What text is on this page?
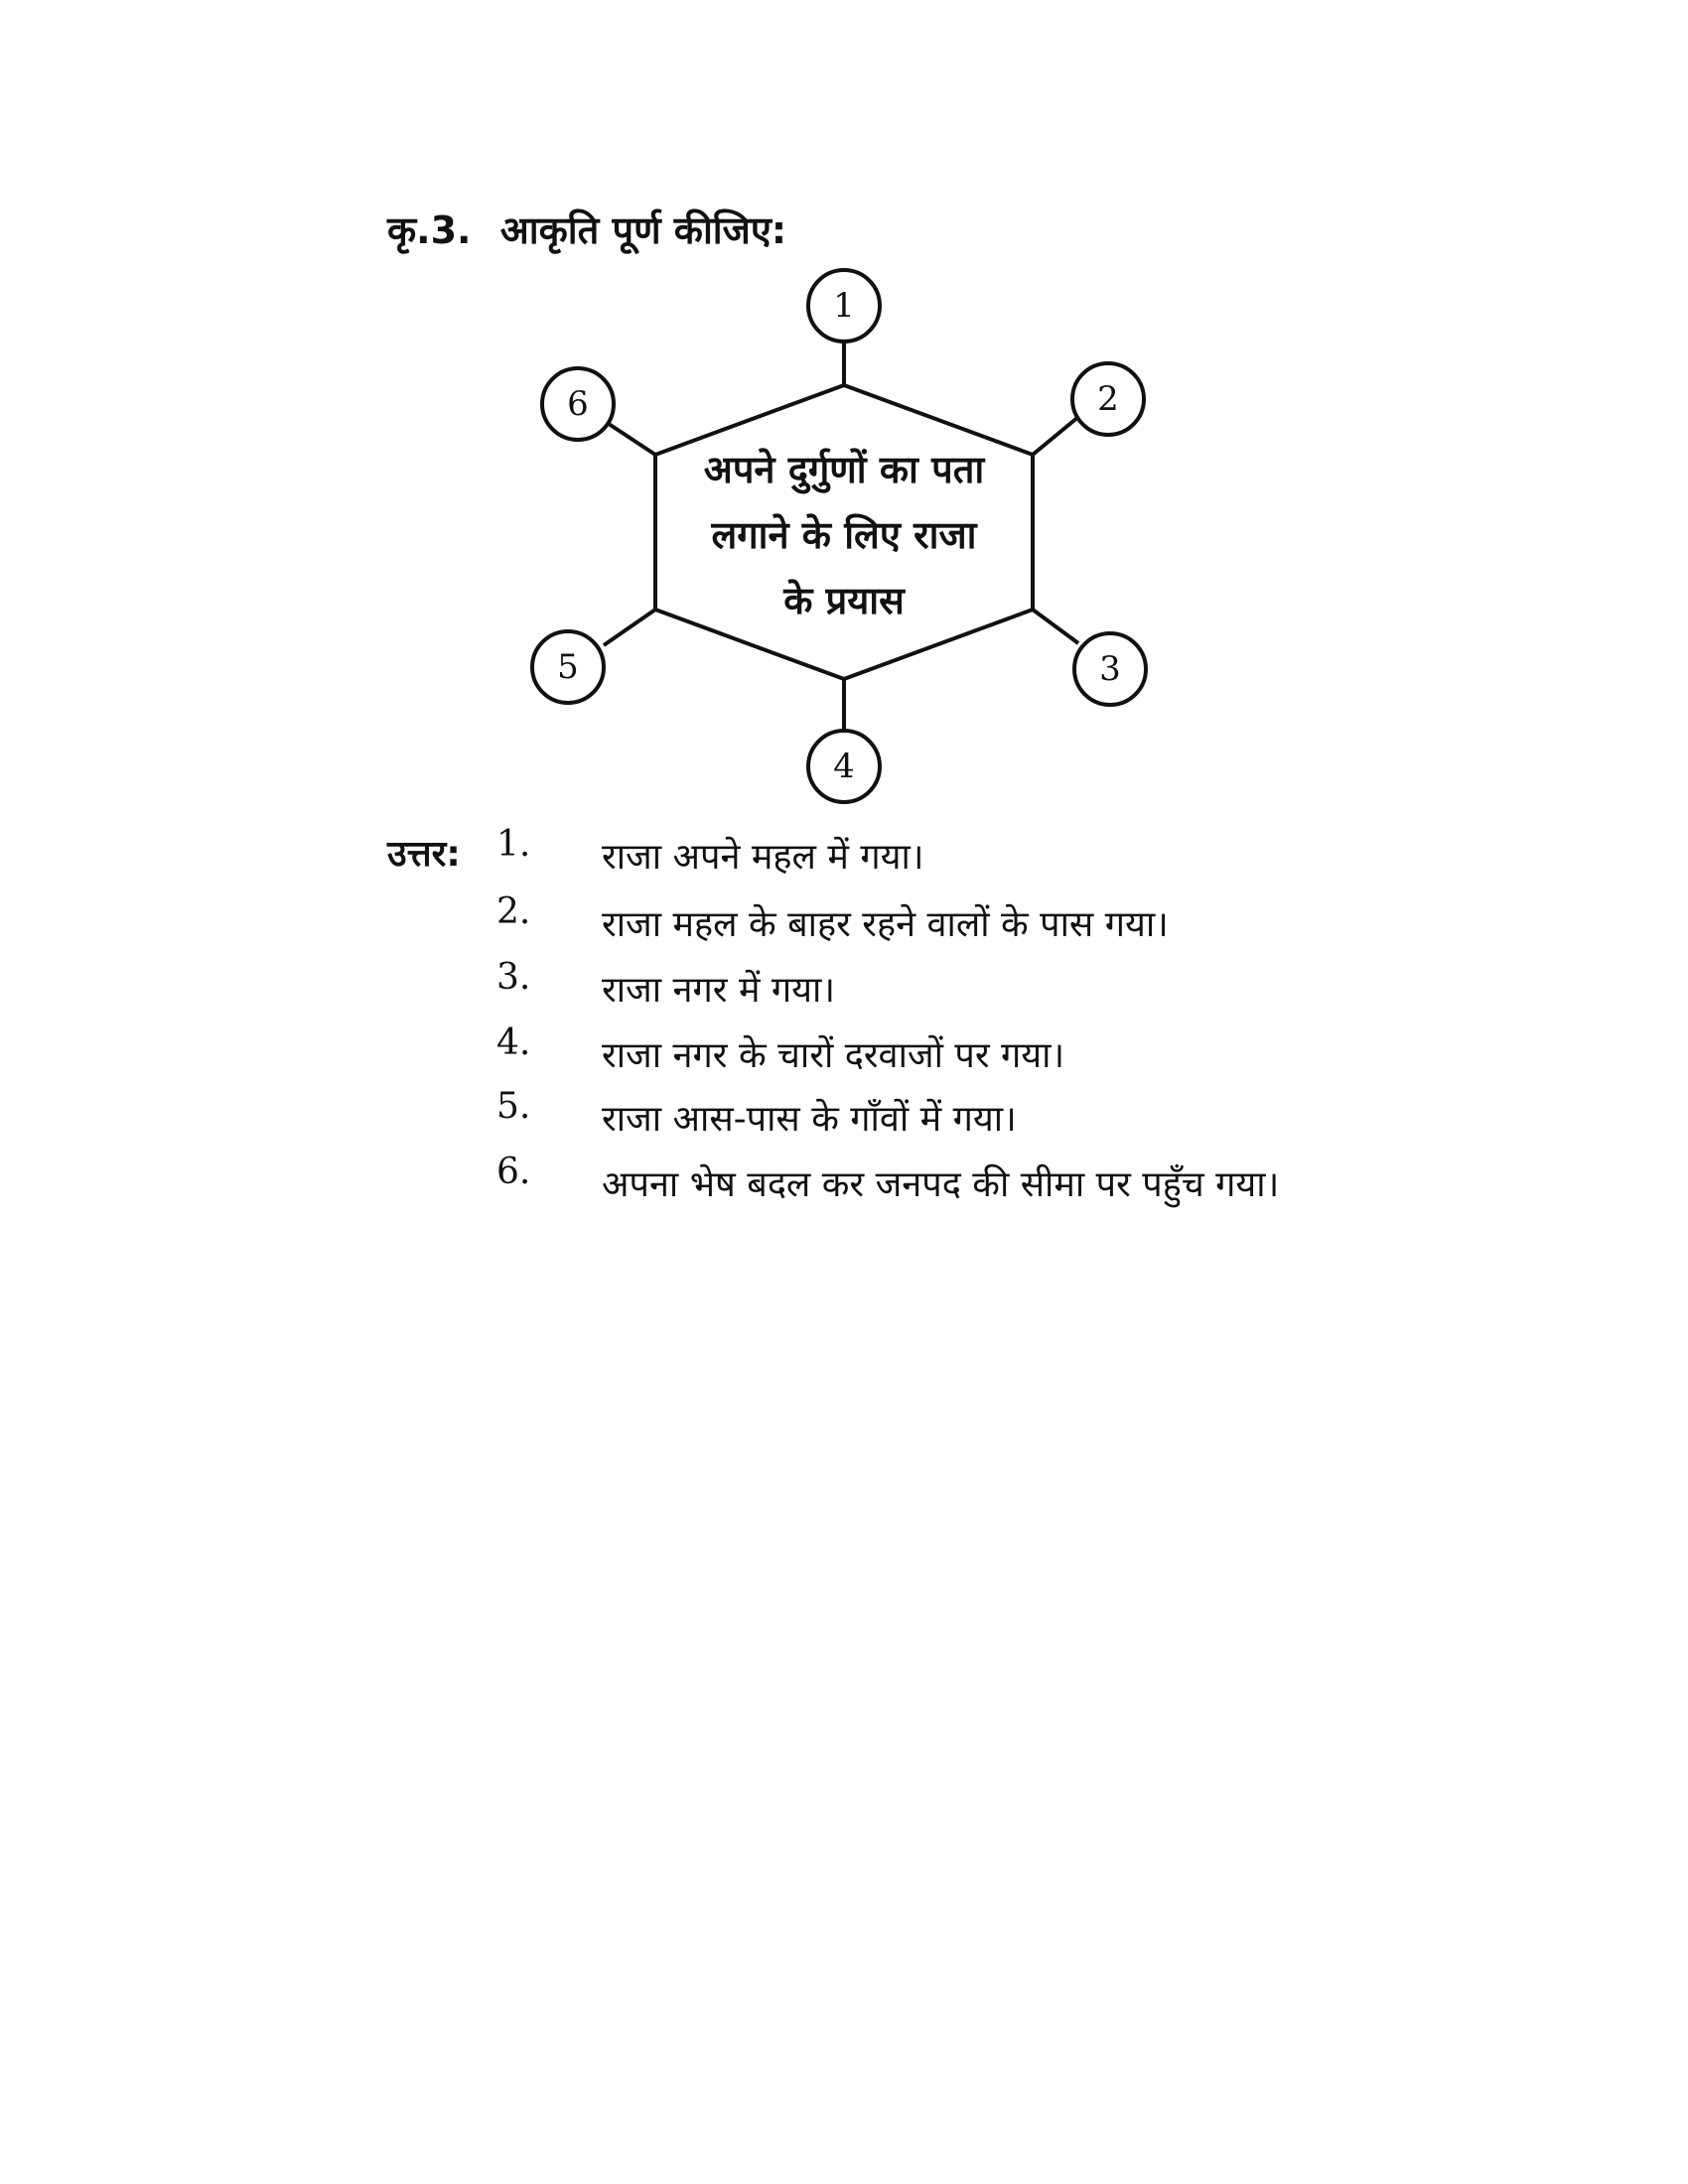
कृ.3. आकृति पूर्ण कीजिए:
1
2
3
4
5
6
अपने दुर्गुणों का पता
लगाने के लिए राजा
के प्रयास
उत्तर: 1.	राजा अपने महल में गया।
2.	राजा महल के बाहर रहने वालों के पास गया।
3.	राजा नगर में गया।
4.	राजा नगर के चारों दरवाजों पर गया।
5.	राजा आस-पास के गाँवों में गया।
6.	अपना भेष बदल कर जनपद की सीमा पर पहुँच गया।
